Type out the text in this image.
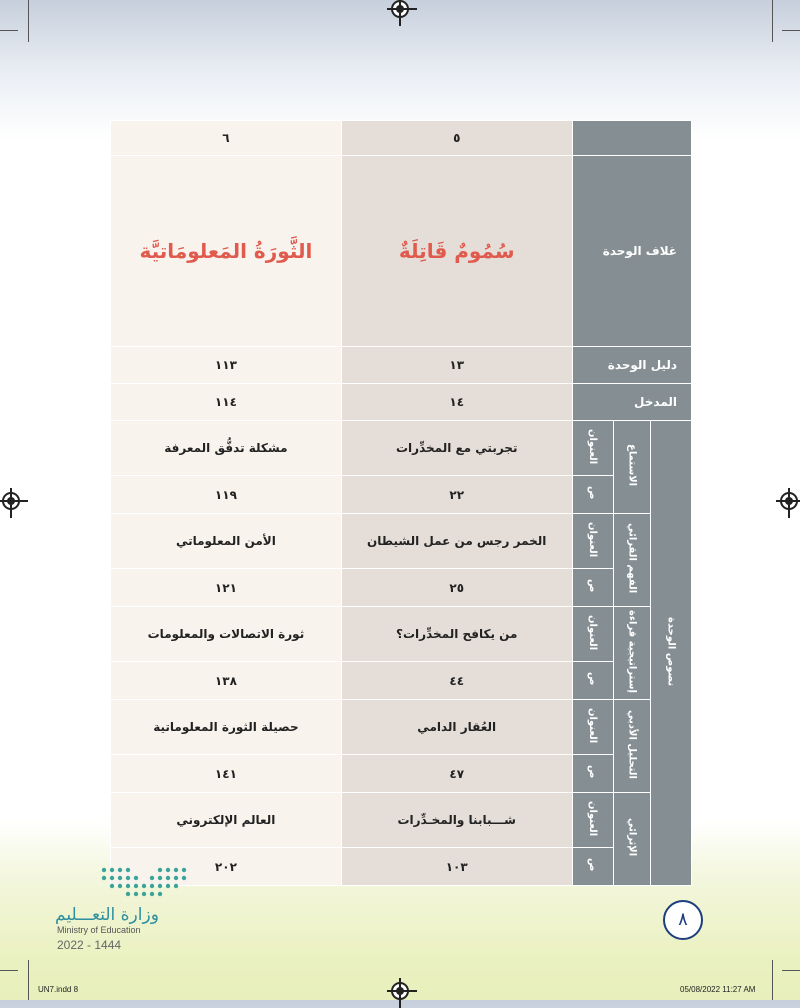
			٥	٦
غلاف الوحدة			سُمُومٌ قَاتِلَةٌ	الثَّورَةُ المَعلومَاتيَّة
دليل الوحدة			١٣	١١٣
المدخل			١٤	١١٤
نصوص الوحدة	الاستماع	العنوان	تجربتي مع المخدِّرات	مشكلة تدفُّق المعرفة
		ص	٢٢	١١٩
	الفهم القرائي	العنوان	الخمر رجس من عمل الشيطان	الأمن المعلوماتي
		ص	٢٥	١٢١
	إستراتيجية قراءة	العنوان	من يكافح المخدِّرات؟	ثورة الاتصالات والمعلومات
		ص	٤٤	١٣٨
	التحليل الأدبي	العنوان	العُقار الدامي	حصيلة الثورة المعلوماتية
		ص	٤٧	١٤١
	الإثرائي	العنوان	شـــبابنا والمخـدِّرات	العالم الإلكتروني
		ص	١٠٣	٢٠٢
وزارة التعـــليم
Ministry of Education
2022 - 1444
٨
UN7.indd 8	05/08/2022 11:27 AM
